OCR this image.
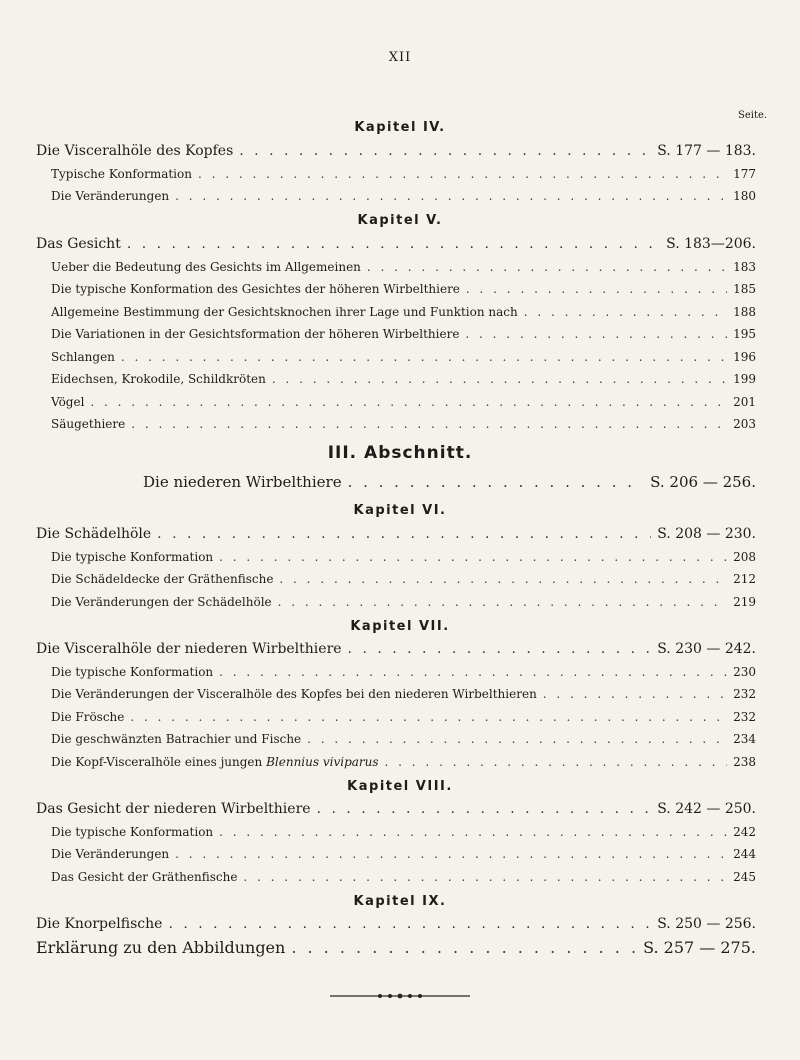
XII
Seite.
Kapitel IV.
Die Visceralhöle des Kopfes . . .	S. 177 — 183.
Typische Konformation . . .	177
Die Veränderungen . . .	180
Kapitel V.
Das Gesicht . . .	S. 183—206.
Ueber die Bedeutung des Gesichts im Allgemeinen . . .	183
Die typische Konformation des Gesichtes der höheren Wirbelthiere . . .	185
Allgemeine Bestimmung der Gesichtsknochen ihrer Lage und Funktion nach . . .	188
Die Variationen in der Gesichtsformation der höheren Wirbelthiere . . .	195
Schlangen . . .	196
Eidechsen, Krokodile, Schildkröten . . .	199
Vögel . . .	201
Säugethiere . . .	203
III. Abschnitt.
Die niederen Wirbelthiere . . .	S. 206 — 256.
Kapitel VI.
Die Schädelhöle . . .	S. 208 — 230.
Die typische Konformation . . .	208
Die Schädeldecke der Gräthenfische . . .	212
Die Veränderungen der Schädelhöle . . .	219
Kapitel VII.
Die Visceralhöle der niederen Wirbelthiere . . .	S. 230 — 242.
Die typische Konformation . . .	230
Die Veränderungen der Visceralhöle des Kopfes bei den niederen Wirbelthieren . . .	232
Die Frösche . . .	232
Die geschwänzten Batrachier und Fische . . .	234
Die Kopf-Visceralhöle eines jungen Blennius viviparus . . .	238
Kapitel VIII.
Das Gesicht der niederen Wirbelthiere . . .	S. 242 — 250.
Die typische Konformation . . .	242
Die Veränderungen . . .	244
Das Gesicht der Gräthenfische . . .	245
Kapitel IX.
Die Knorpelfische . . .	S. 250 — 256.
Erklärung zu den Abbildungen . . .	S. 257 — 275.
